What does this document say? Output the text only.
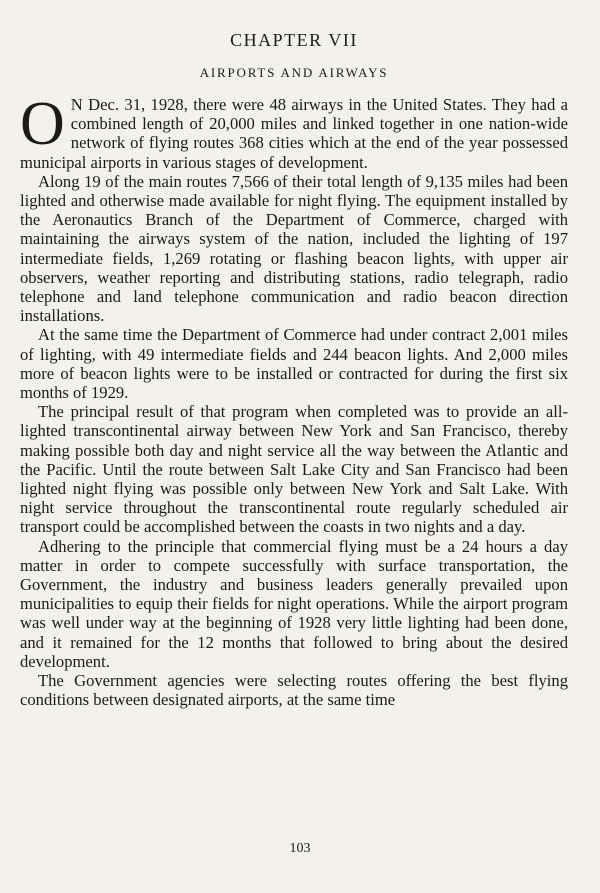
CHAPTER VII
AIRPORTS AND AIRWAYS

O N Dec. 31, 1928, there were 48 airways in the United States. They had a combined length of 20,000 miles and linked together in one nation-wide network of flying routes 368 cities which at the end of the year possessed municipal airports in various stages of development.

Along 19 of the main routes 7,566 of their total length of 9,135 miles had been lighted and otherwise made available for night flying. The equipment installed by the Aeronautics Branch of the Department of Commerce, charged with maintaining the airways system of the nation, included the lighting of 197 intermediate fields, 1,269 rotating or flashing beacon lights, with upper air observers, weather reporting and distributing stations, radio telegraph, radio telephone and land telephone communication and radio beacon direction installations.

At the same time the Department of Commerce had under contract 2,001 miles of lighting, with 49 intermediate fields and 244 beacon lights. And 2,000 miles more of beacon lights were to be installed or contracted for during the first six months of 1929.

The principal result of that program when completed was to provide an all-lighted transcontinental airway between New York and San Francisco, thereby making possible both day and night service all the way between the Atlantic and the Pacific. Until the route between Salt Lake City and San Francisco had been lighted night flying was possible only between New York and Salt Lake. With night service throughout the transcontinental route regularly scheduled air transport could be accomplished between the coasts in two nights and a day.

Adhering to the principle that commercial flying must be a 24 hours a day matter in order to compete successfully with surface transportation, the Government, the industry and business leaders generally prevailed upon municipalities to equip their fields for night operations. While the airport program was well under way at the beginning of 1928 very little lighting had been done, and it remained for the 12 months that followed to bring about the desired development.

The Government agencies were selecting routes offering the best flying conditions between designated airports, at the same time

103
